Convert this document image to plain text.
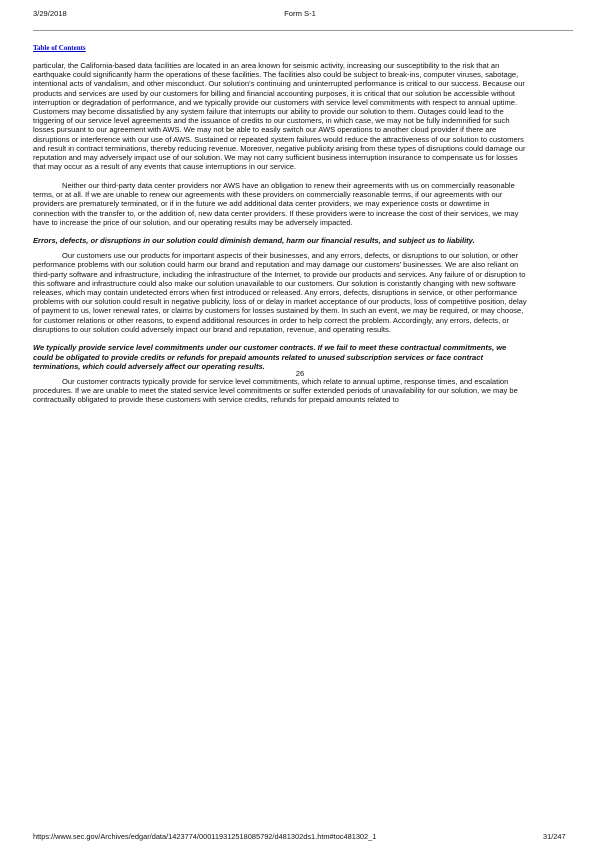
3/29/2018	Form S-1
Table of Contents
particular, the California-based data facilities are located in an area known for seismic activity, increasing our susceptibility to the risk that an
earthquake could significantly harm the operations of these facilities. The facilities also could be subject to break-ins, computer viruses, sabotage,
intentional acts of vandalism, and other misconduct. Our solution’s continuing and uninterrupted performance is critical to our success. Because our
products and services are used by our customers for billing and financial accounting purposes, it is critical that our solution be accessible without
interruption or degradation of performance, and we typically provide our customers with service level commitments with respect to annual uptime.
Customers may become dissatisfied by any system failure that interrupts our ability to provide our solution to them. Outages could lead to the
triggering of our service level agreements and the issuance of credits to our customers, in which case, we may not be fully indemnified for such
losses pursuant to our agreement with AWS. We may not be able to easily switch our AWS operations to another cloud provider if there are
disruptions or interference with our use of AWS. Sustained or repeated system failures would reduce the attractiveness of our solution to customers
and result in contract terminations, thereby reducing revenue. Moreover, negative publicity arising from these types of disruptions could damage our
reputation and may adversely impact use of our solution. We may not carry sufficient business interruption insurance to compensate us for losses
that may occur as a result of any events that cause interruptions in our service.
Neither our third-party data center providers nor AWS have an obligation to renew their agreements with us on commercially reasonable
terms, or at all. If we are unable to renew our agreements with these providers on commercially reasonable terms, if our agreements with our
providers are prematurely terminated, or if in the future we add additional data center providers, we may experience costs or downtime in
connection with the transfer to, or the addition of, new data center providers. If these providers were to increase the cost of their services, we may
have to increase the price of our solution, and our operating results may be adversely impacted.
Errors, defects, or disruptions in our solution could diminish demand, harm our financial results, and subject us to liability.
Our customers use our products for important aspects of their businesses, and any errors, defects, or disruptions to our solution, or other
performance problems with our solution could harm our brand and reputation and may damage our customers’ businesses. We are also reliant on
third-party software and infrastructure, including the infrastructure of the Internet, to provide our products and services. Any failure of or disruption to
this software and infrastructure could also make our solution unavailable to our customers. Our solution is constantly changing with new software
releases, which may contain undetected errors when first introduced or released. Any errors, defects, disruptions in service, or other performance
problems with our solution could result in negative publicity, loss of or delay in market acceptance of our products, loss of competitive position, delay
of payment to us, lower renewal rates, or claims by customers for losses sustained by them. In such an event, we may be required, or may choose,
for customer relations or other reasons, to expend additional resources in order to help correct the problem. Accordingly, any errors, defects, or
disruptions to our solution could adversely impact our brand and reputation, revenue, and operating results.
We typically provide service level commitments under our customer contracts. If we fail to meet these contractual commitments, we
could be obligated to provide credits or refunds for prepaid amounts related to unused subscription services or face contract
terminations, which could adversely affect our operating results.
Our customer contracts typically provide for service level commitments, which relate to annual uptime, response times, and escalation
procedures. If we are unable to meet the stated service level commitments or suffer extended periods of unavailability for our solution, we may be
contractually obligated to provide these customers with service credits, refunds for prepaid amounts related to
26
https://www.sec.gov/Archives/edgar/data/1423774/000119312518085792/d481302ds1.htm#toc481302_1	31/247
